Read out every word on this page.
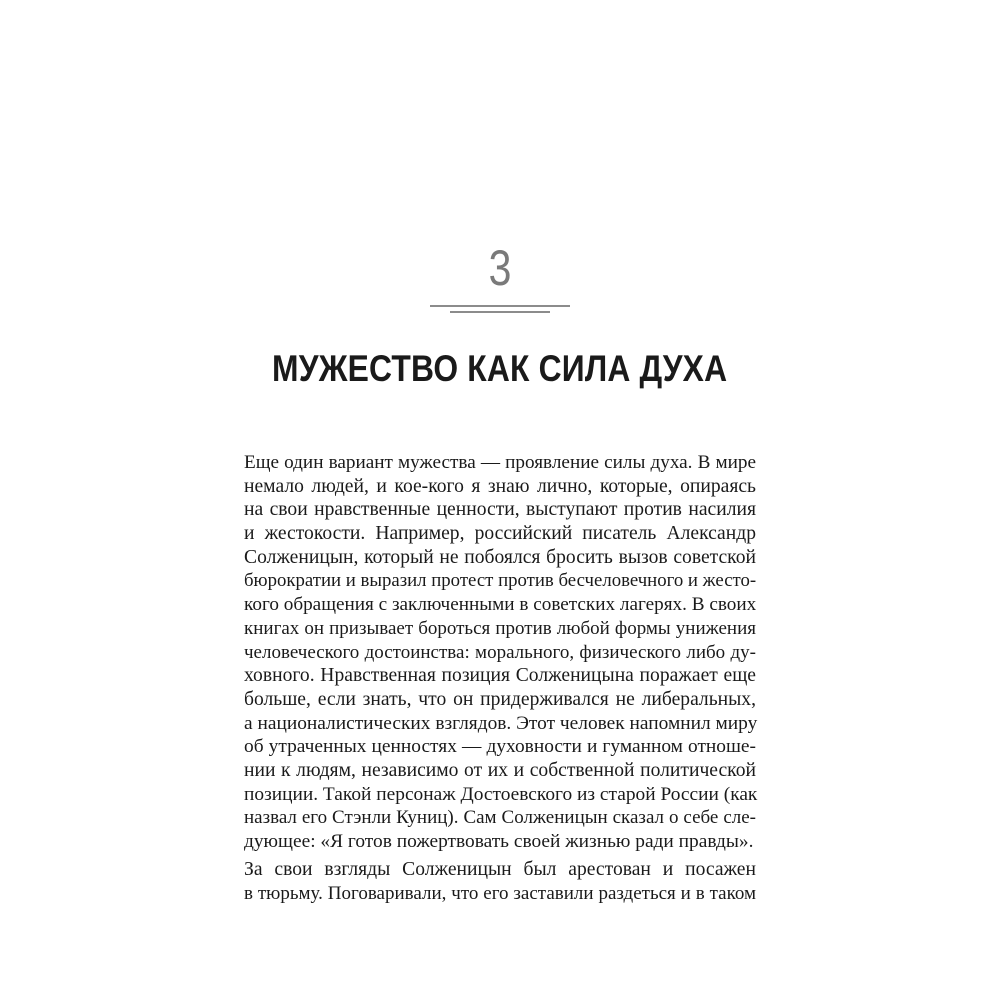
3
МУЖЕСТВО КАК СИЛА ДУХА
Еще один вариант мужества — проявление силы духа. В мире
немало людей, и кое-кого я знаю лично, которые, опираясь
на свои нравственные ценности, выступают против насилия
и жестокости. Например, российский писатель Александр
Солженицын, который не побоялся бросить вызов советской
бюрократии и выразил протест против бесчеловечного и жесто-
кого обращения с заключенными в советских лагерях. В своих
книгах он призывает бороться против любой формы унижения
человеческого достоинства: морального, физического либо ду-
ховного. Нравственная позиция Солженицына поражает еще
больше, если знать, что он придерживался не либеральных,
а националистических взглядов. Этот человек напомнил миру
об утраченных ценностях — духовности и гуманном отноше-
нии к людям, независимо от их и собственной политической
позиции. Такой персонаж Достоевского из старой России (как
назвал его Стэнли Куниц). Сам Солженицын сказал о себе сле-
дующее: «Я готов пожертвовать своей жизнью ради правды».
За свои взгляды Солженицын был арестован и посажен
в тюрьму. Поговаривали, что его заставили раздеться и в таком
